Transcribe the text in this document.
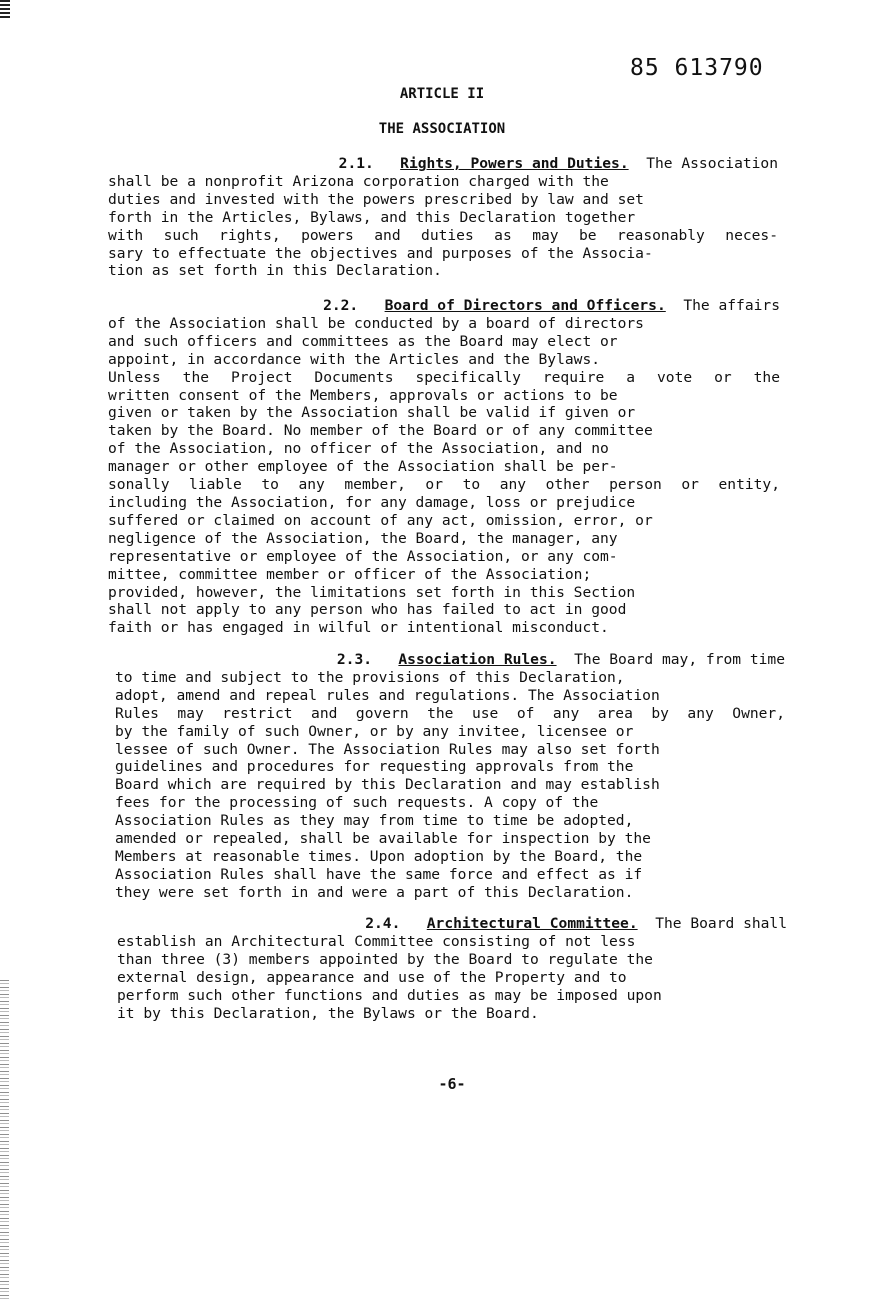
85 613790
ARTICLE II
THE ASSOCIATION
2.1. Rights, Powers and Duties. The Association
shall be a nonprofit Arizona corporation charged with the
duties and invested with the powers prescribed by law and set
forth in the Articles, Bylaws, and this Declaration together
with such rights, powers and duties as may be reasonably neces-
sary to effectuate the objectives and purposes of the Associa-
tion as set forth in this Declaration.
2.2. Board of Directors and Officers. The affairs
of the Association shall be conducted by a board of directors
and such officers and committees as the Board may elect or
appoint, in accordance with the Articles and the Bylaws.
Unless the Project Documents specifically require a vote or the
written consent of the Members, approvals or actions to be
given or taken by the Association shall be valid if given or
taken by the Board. No member of the Board or of any committee
of the Association, no officer of the Association, and no
manager or other employee of the Association shall be per-
sonally liable to any member, or to any other person or entity,
including the Association, for any damage, loss or prejudice
suffered or claimed on account of any act, omission, error, or
negligence of the Association, the Board, the manager, any
representative or employee of the Association, or any com-
mittee, committee member or officer of the Association;
provided, however, the limitations set forth in this Section
shall not apply to any person who has failed to act in good
faith or has engaged in wilful or intentional misconduct.
2.3. Association Rules. The Board may, from time
to time and subject to the provisions of this Declaration,
adopt, amend and repeal rules and regulations. The Association
Rules may restrict and govern the use of any area by any Owner,
by the family of such Owner, or by any invitee, licensee or
lessee of such Owner. The Association Rules may also set forth
guidelines and procedures for requesting approvals from the
Board which are required by this Declaration and may establish
fees for the processing of such requests. A copy of the
Association Rules as they may from time to time be adopted,
amended or repealed, shall be available for inspection by the
Members at reasonable times. Upon adoption by the Board, the
Association Rules shall have the same force and effect as if
they were set forth in and were a part of this Declaration.
2.4. Architectural Committee. The Board shall
establish an Architectural Committee consisting of not less
than three (3) members appointed by the Board to regulate the
external design, appearance and use of the Property and to
perform such other functions and duties as may be imposed upon
it by this Declaration, the Bylaws or the Board.
-6-
